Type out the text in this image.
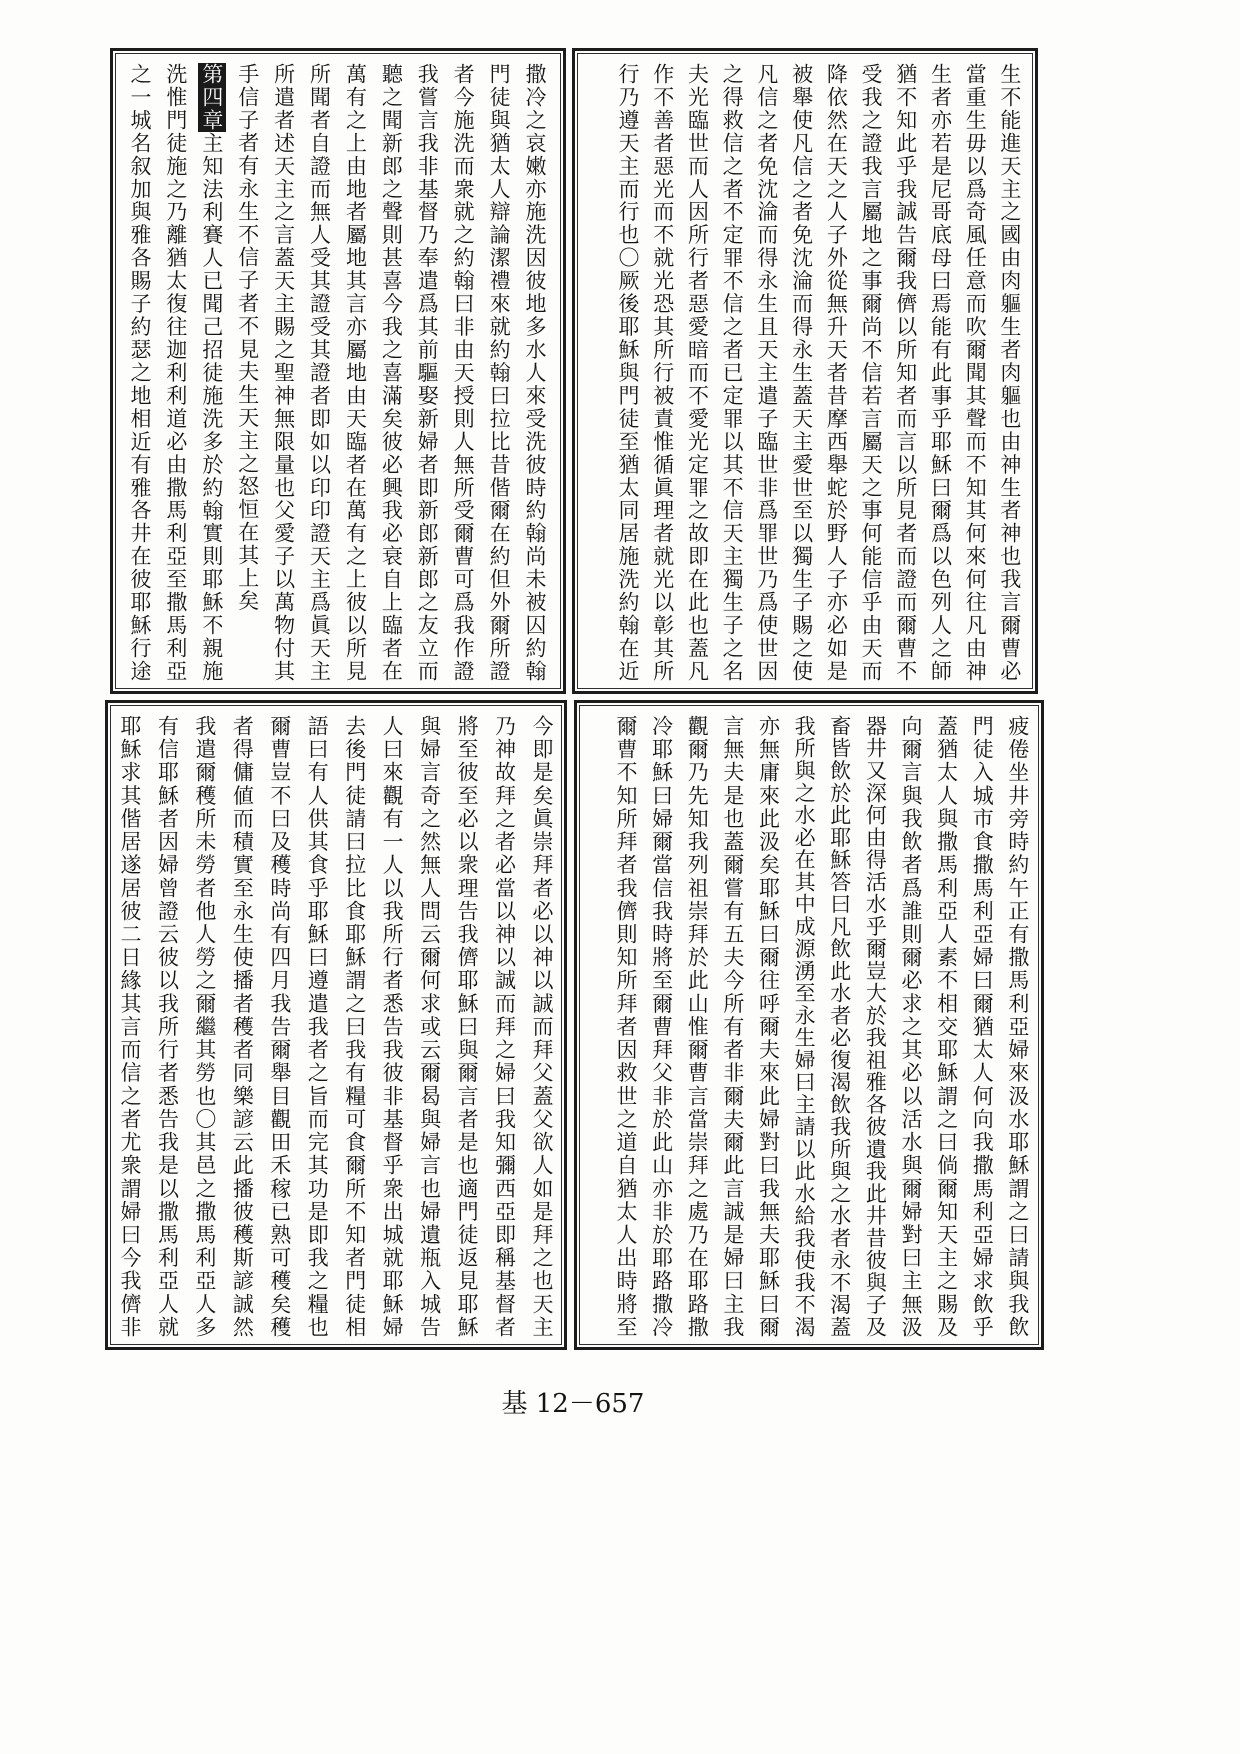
生不能進天主之國由肉軀生者肉軀也由神生者神也我言爾曹必
當重生毋以爲奇風任意而吹爾聞其聲而不知其何來何往凡由神
生者亦若是尼哥底母曰焉能有此事乎耶穌曰爾爲以色列人之師
猶不知此乎我誠告爾我儕以所知者而言以所見者而證而爾曹不
受我之證我言屬地之事爾尚不信若言屬天之事何能信乎由天而
降依然在天之人子外從無升天者昔摩西舉蛇於野人子亦必如是
被舉使凡信之者免沈淪而得永生蓋天主愛世至以獨生子賜之使
凡信之者免沈淪而得永生且天主遣子臨世非爲罪世乃爲使世因
之得救信之者不定罪不信之者已定罪以其不信天主獨生子之名
夫光臨世而人因所行者惡愛暗而不愛光定罪之故即在此也蓋凡
作不善者惡光而不就光恐其所行被責惟循眞理者就光以彰其所
行乃遵天主而行也〇厥後耶穌與門徒至猶太同居施洗約翰在近
撒冷之哀嫩亦施洗因彼地多水人來受洗彼時約翰尚未被囚約翰
門徒與猶太人辯論潔禮來就約翰曰拉比昔偕爾在約但外爾所證
者今施洗而衆就之約翰曰非由天授則人無所受爾曹可爲我作證
我嘗言我非基督乃奉遣爲其前驅娶新婦者即新郎新郎之友立而
聽之聞新郎之聲則甚喜今我之喜滿矣彼必興我必衰自上臨者在
萬有之上由地者屬地其言亦屬地由天臨者在萬有之上彼以所見
所聞者自證而無人受其證受其證者即如以印印證天主爲眞天主
所遣者述天主之言蓋天主賜之聖神無限量也父愛子以萬物付其
手信子者有永生不信子者不見夫生天主之怒恒在其上矣
第四章主知法利賽人已聞己招徒施洗多於約翰實則耶穌不親施
洗惟門徒施之乃離猶太復往迦利利道必由撒馬利亞至撒馬利亞
之一城名叙加與雅各賜子約瑟之地相近有雅各井在彼耶穌行途
疲倦坐井旁時約午正有撒馬利亞婦來汲水耶穌謂之曰請與我飲
門徒入城市食撒馬利亞婦曰爾猶太人何向我撒馬利亞婦求飲乎
蓋猶太人與撒馬利亞人素不相交耶穌謂之曰倘爾知天主之賜及
向爾言與我飲者爲誰則爾必求之其必以活水與爾婦對曰主無汲
器井又深何由得活水乎爾豈大於我祖雅各彼遺我此井昔彼與子及
畜皆飲於此耶穌答曰凡飲此水者必復渴飲我所與之水者永不渴蓋
我所與之水必在其中成源湧至永生婦曰主請以此水給我使我不渴
亦無庸來此汲矣耶穌曰爾往呼爾夫來此婦對曰我無夫耶穌曰爾
言無夫是也蓋爾嘗有五夫今所有者非爾夫爾此言誠是婦曰主我
觀爾乃先知我列祖崇拜於此山惟爾曹言當崇拜之處乃在耶路撒
冷耶穌曰婦爾當信我時將至爾曹拜父非於此山亦非於耶路撒冷
爾曹不知所拜者我儕則知所拜者因救世之道自猶太人出時將至
今即是矣眞崇拜者必以神以誠而拜父蓋父欲人如是拜之也天主
乃神故拜之者必當以神以誠而拜之婦曰我知彌西亞即稱基督者
將至彼至必以衆理告我儕耶穌曰與爾言者是也適門徒返見耶穌
與婦言奇之然無人問云爾何求或云爾曷與婦言也婦遺瓶入城告
人曰來觀有一人以我所行者悉告我彼非基督乎衆出城就耶穌婦
去後門徒請曰拉比食耶穌謂之曰我有糧可食爾所不知者門徒相
語曰有人供其食乎耶穌曰遵遣我者之旨而完其功是即我之糧也
爾曹豈不曰及穫時尚有四月我告爾舉目觀田禾稼已熟可穫矣穫
者得傭値而積實至永生使播者穫者同樂諺云此播彼穫斯諺誠然
我遣爾穫所未勞者他人勞之爾繼其勞也〇其邑之撒馬利亞人多
有信耶穌者因婦曾證云彼以我所行者悉告我是以撒馬利亞人就
耶穌求其偕居遂居彼二日緣其言而信之者尤衆謂婦曰今我儕非
基 12－657
